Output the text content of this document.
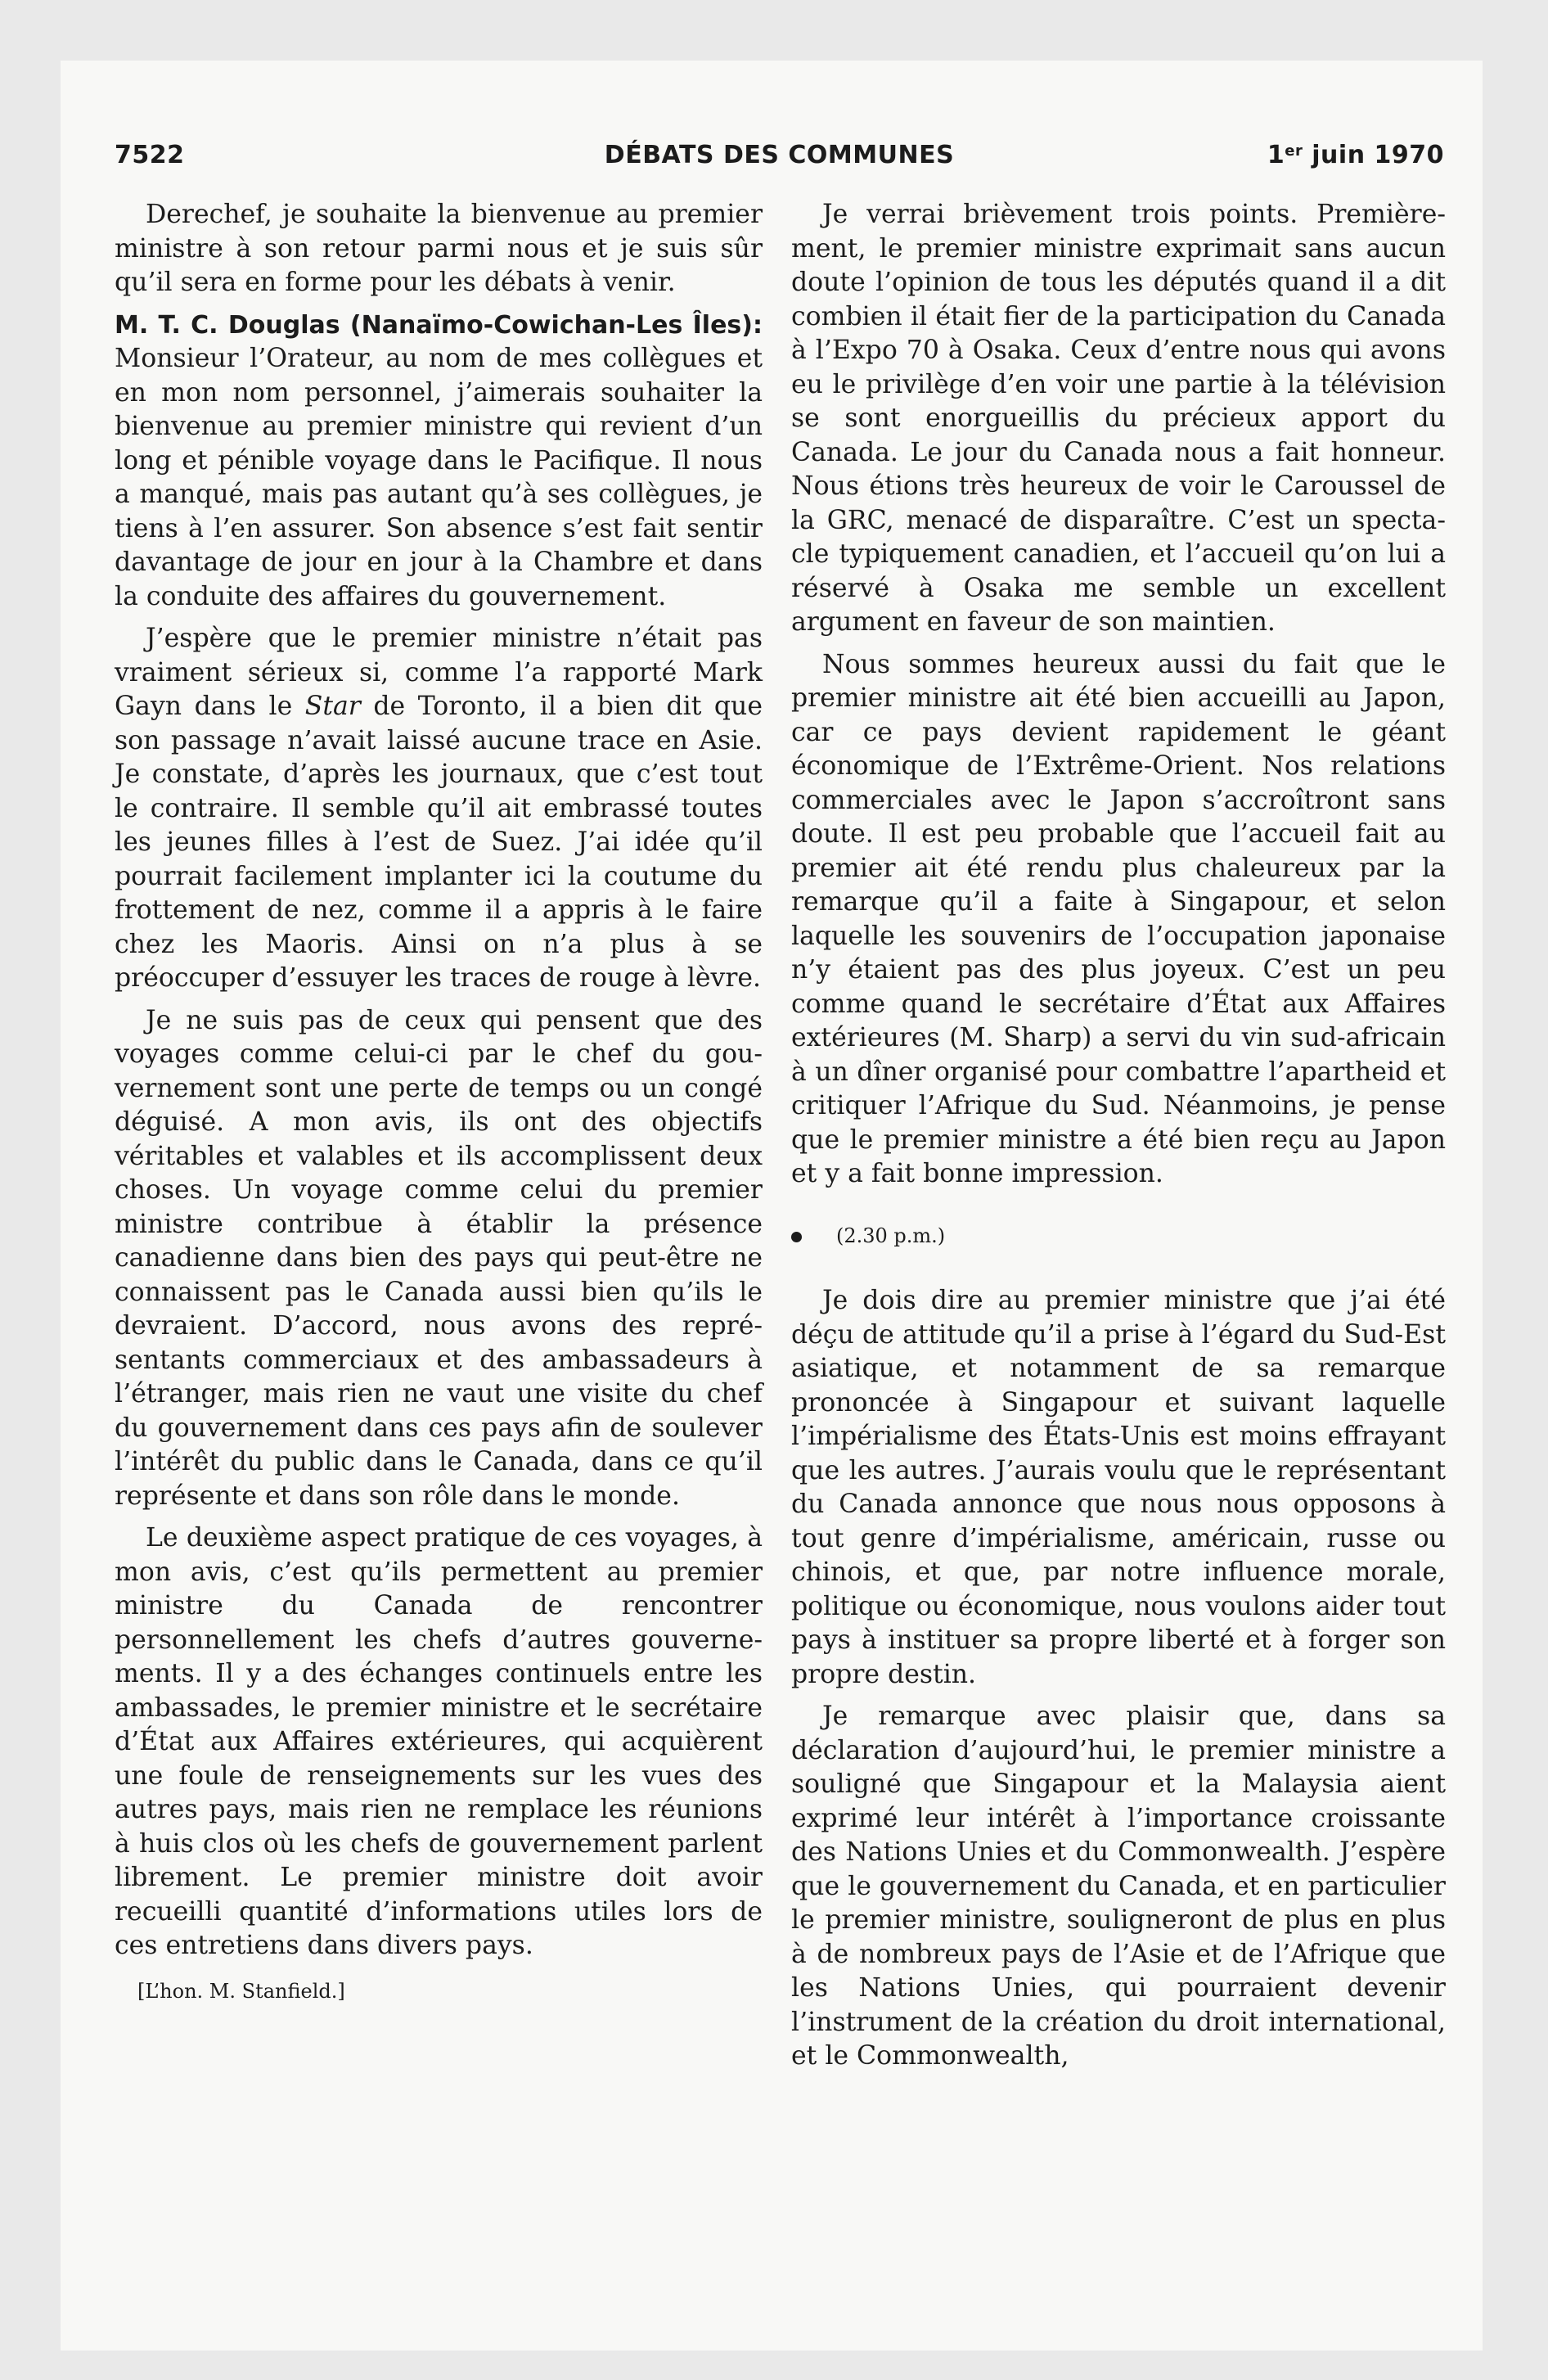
7522	DÉBATS DES COMMUNES	1er juin 1970

Derechef, je souhaite la bienvenue au premier ministre à son retour parmi nous et je suis sûr qu’il sera en forme pour les débats à venir.

M. T. C. Douglas (Nanaïmo-Cowichan-Les Îles): Monsieur l’Orateur, au nom de mes collègues et en mon nom personnel, j’aimerais souhaiter la bienvenue au premier ministre qui revient d’un long et pénible voyage dans le Pacifique. Il nous a manqué, mais pas autant qu’à ses collègues, je tiens à l’en assurer. Son absence s’est fait sentir davantage de jour en jour à la Chambre et dans la conduite des affaires du gouvernement.

J’espère que le premier ministre n’était pas vraiment sérieux si, comme l’a rapporté Mark Gayn dans le Star de Toronto, il a bien dit que son passage n’avait laissé aucune trace en Asie. Je constate, d’après les journaux, que c’est tout le contraire. Il semble qu’il ait embrassé toutes les jeunes filles à l’est de Suez. J’ai idée qu’il pourrait facilement implanter ici la coutume du frottement de nez, comme il a appris à le faire chez les Maoris. Ainsi on n’a plus à se préoccuper d’essuyer les traces de rouge à lèvre.

Je ne suis pas de ceux qui pensent que des voyages comme celui-ci par le chef du gouvernement sont une perte de temps ou un congé déguisé. A mon avis, ils ont des objectifs véritables et valables et ils accomplissent deux choses. Un voyage comme celui du premier ministre contribue à établir la présence canadienne dans bien des pays qui peut-être ne connaissent pas le Canada aussi bien qu’ils le devraient. D’accord, nous avons des représentants commerciaux et des ambassadeurs à l’étranger, mais rien ne vaut une visite du chef du gouvernement dans ces pays afin de soulever l’intérêt du public dans le Canada, dans ce qu’il représente et dans son rôle dans le monde.

Le deuxième aspect pratique de ces voyages, à mon avis, c’est qu’ils permettent au premier ministre du Canada de rencontrer personnellement les chefs d’autres gouvernements. Il y a des échanges continuels entre les ambassades, le premier ministre et le secrétaire d’État aux Affaires extérieures, qui acquièrent une foule de renseignements sur les vues des autres pays, mais rien ne remplace les réunions à huis clos où les chefs de gouvernement parlent librement. Le premier ministre doit avoir recueilli quantité d’informations utiles lors de ces entretiens dans divers pays.

[L’hon. M. Stanfield.]

Je verrai brièvement trois points. Premièrement, le premier ministre exprimait sans aucun doute l’opinion de tous les députés quand il a dit combien il était fier de la participation du Canada à l’Expo 70 à Osaka. Ceux d’entre nous qui avons eu le privilège d’en voir une partie à la télévision se sont enorgueillis du précieux apport du Canada. Le jour du Canada nous a fait honneur. Nous étions très heureux de voir le Caroussel de la GRC, menacé de disparaître. C’est un spectacle typiquement canadien, et l’accueil qu’on lui a réservé à Osaka me semble un excellent argument en faveur de son maintien.

Nous sommes heureux aussi du fait que le premier ministre ait été bien accueilli au Japon, car ce pays devient rapidement le géant économique de l’Extrême-Orient. Nos relations commerciales avec le Japon s’accroîtront sans doute. Il est peu probable que l’accueil fait au premier ait été rendu plus chaleureux par la remarque qu’il a faite à Singapour, et selon laquelle les souvenirs de l’occupation japonaise n’y étaient pas des plus joyeux. C’est un peu comme quand le secrétaire d’État aux Affaires extérieures (M. Sharp) a servi du vin sud-africain à un dîner organisé pour combattre l’apartheid et critiquer l’Afrique du Sud. Néanmoins, je pense que le premier ministre a été bien reçu au Japon et y a fait bonne impression.

(2.30 p.m.)

Je dois dire au premier ministre que j’ai été déçu de attitude qu’il a prise à l’égard du Sud-Est asiatique, et notamment de sa remarque prononcée à Singapour et suivant laquelle l’impérialisme des États-Unis est moins effrayant que les autres. J’aurais voulu que le représentant du Canada annonce que nous nous opposons à tout genre d’impérialisme, américain, russe ou chinois, et que, par notre influence morale, politique ou économique, nous voulons aider tout pays à instituer sa propre liberté et à forger son propre destin.

Je remarque avec plaisir que, dans sa déclaration d’aujourd’hui, le premier ministre a souligné que Singapour et la Malaysia aient exprimé leur intérêt à l’importance croissante des Nations Unies et du Commonwealth. J’espère que le gouvernement du Canada, et en particulier le premier ministre, souligneront de plus en plus à de nombreux pays de l’Asie et de l’Afrique que les Nations Unies, qui pourraient devenir l’instrument de la création du droit international, et le Commonwealth,
